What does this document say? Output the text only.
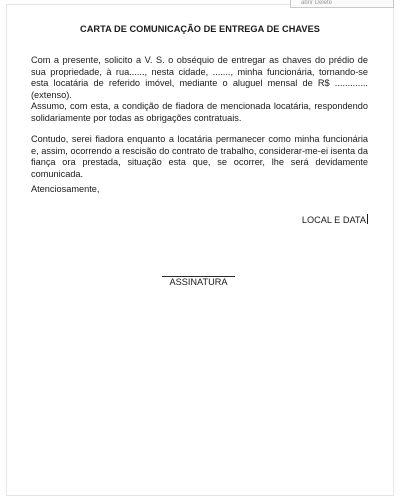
abrir Delete
CARTA DE COMUNICAÇÃO DE ENTREGA DE CHAVES

Com a presente, solicito a V. S. o obséquio de entregar as chaves do prédio de sua propriedade, à rua......, nesta cidade, ......., minha funcionária, tornando-se esta locatária de referido imóvel, mediante o aluguel mensal de R$ .............(extenso).

Assumo, com esta, a condição de fiadora de mencionada locatária, respondendo solidariamente por todas as obrigações contratuais.

Contudo, serei fiadora enquanto a locatária permanecer como minha funcionária e, assim, ocorrendo a rescisão do contrato de trabalho, considerar-me-ei isenta da fiança ora prestada, situação esta que, se ocorrer, lhe será devidamente comunicada.

Atenciosamente,
LOCAL E DATA
ASSINATURA
